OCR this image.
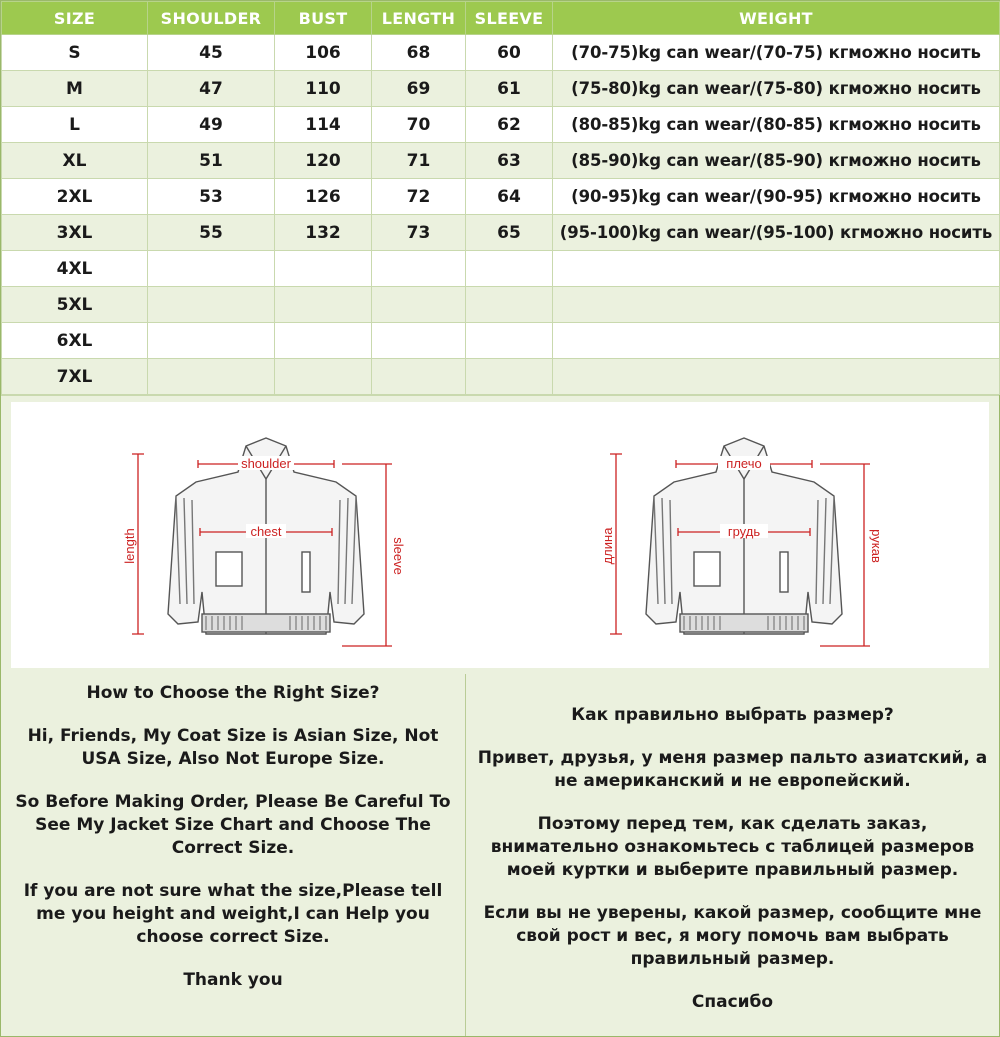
SIZE	SHOULDER	BUST	LENGTH	SLEEVE	WEIGHT
S	45	106	68	60	(70-75)kg can wear/(70-75) кгможно носить
M	47	110	69	61	(75-80)kg can wear/(75-80) кгможно носить
L	49	114	70	62	(80-85)kg can wear/(80-85) кгможно носить
XL	51	120	71	63	(85-90)kg can wear/(85-90) кгможно носить
2XL	53	126	72	64	(90-95)kg can wear/(90-95) кгможно носить
3XL	55	132	73	65	(95-100)kg can wear/(95-100) кгможно носить
4XL					
5XL					
6XL					
7XL					
shoulder
chest
length	sleeve
плечо
грудь
длина	рукав

How to Choose the Right Size?

Hi, Friends, My Coat Size is Asian Size, Not USA Size, Also Not Europe Size.

So Before Making Order, Please Be Careful To See My Jacket Size Chart and Choose The Correct Size.

If you are not sure what the size,Please tell me you height and weight,I can Help you choose correct Size.

Thank you

Как правильно выбрать размер?

Привет, друзья, у меня размер пальто азиатский, а не американский и не европейский.

Поэтому перед тем, как сделать заказ, внимательно ознакомьтесь с таблицей размеров моей куртки и выберите правильный размер.

Если вы не уверены, какой размер, сообщите мне свой рост и вес, я могу помочь вам выбрать правильный размер.

Спасибо
